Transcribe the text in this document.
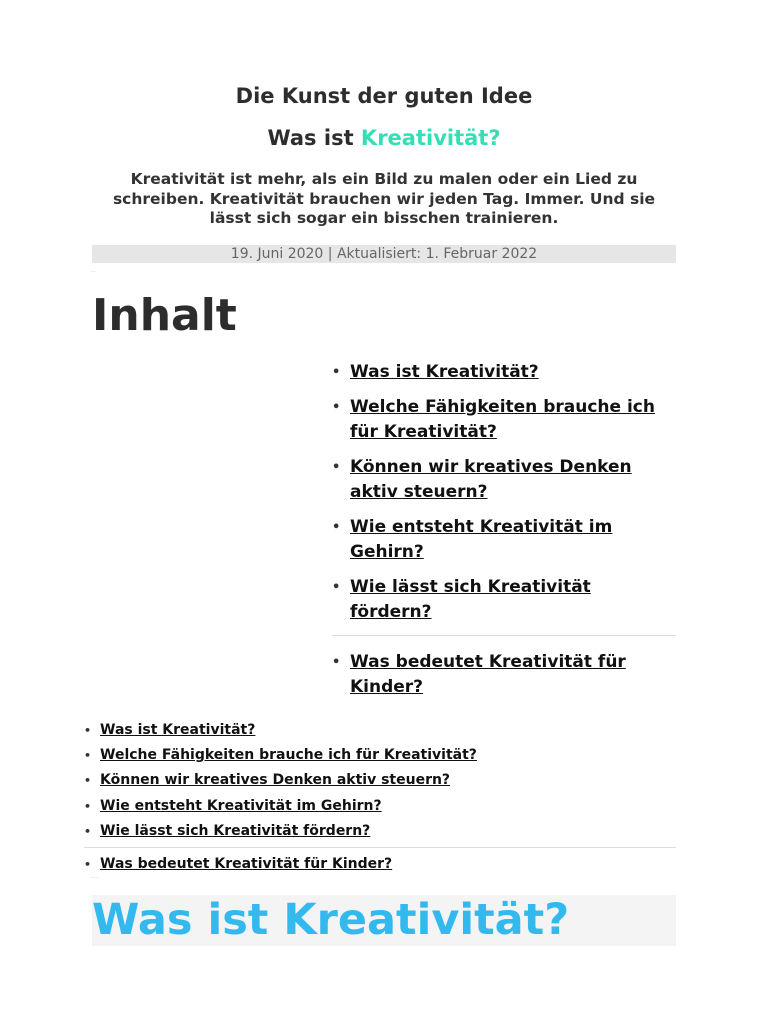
Die Kunst der guten Idee
Was ist Kreativität?
Kreativität ist mehr, als ein Bild zu malen oder ein Lied zu schreiben. Kreativität brauchen wir jeden Tag. Immer. Und sie lässt sich sogar ein bisschen trainieren.
19. Juni 2020 | Aktualisiert: 1. Februar 2022
······
Inhalt
• Was ist Kreativität?
• Welche Fähigkeiten brauche ich für Kreativität?
• Können wir kreatives Denken aktiv steuern?
• Wie entsteht Kreativität im Gehirn?
• Wie lässt sich Kreativität fördern?
• Was bedeutet Kreativität für Kinder?
• Was ist Kreativität?
• Welche Fähigkeiten brauche ich für Kreativität?
• Können wir kreatives Denken aktiv steuern?
• Wie entsteht Kreativität im Gehirn?
• Wie lässt sich Kreativität fördern?
• Was bedeutet Kreativität für Kinder?
·········
Was ist Kreativität?
